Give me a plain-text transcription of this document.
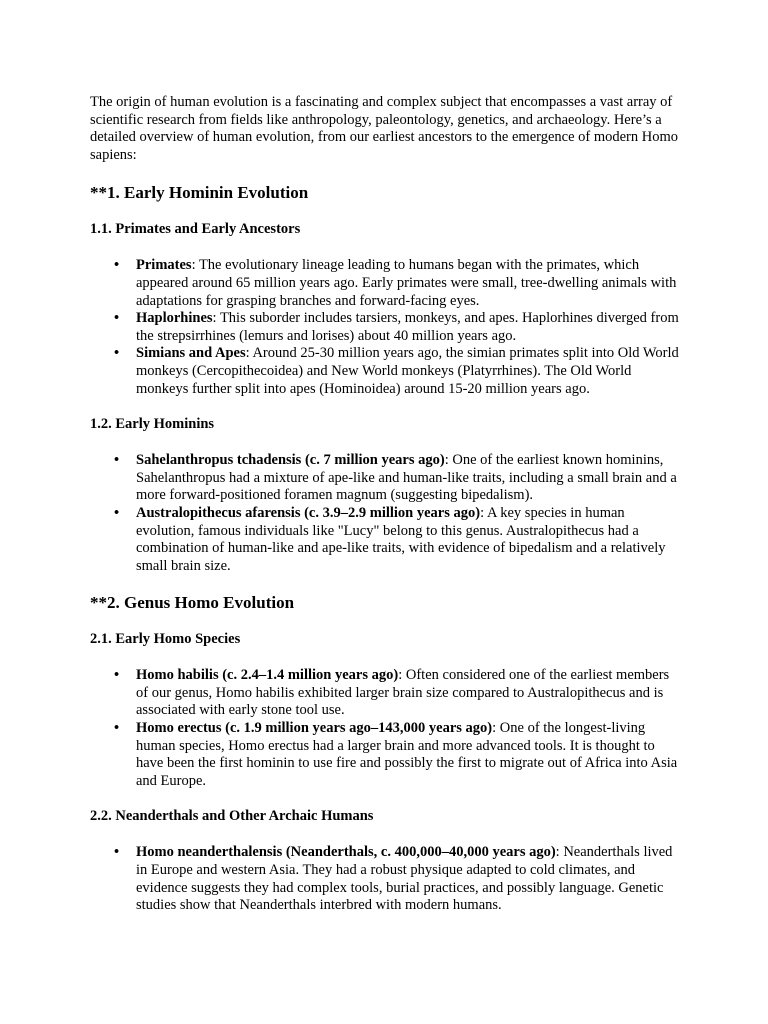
The origin of human evolution is a fascinating and complex subject that encompasses a vast array of scientific research from fields like anthropology, paleontology, genetics, and archaeology. Here’s a detailed overview of human evolution, from our earliest ancestors to the emergence of modern Homo sapiens:

**1. Early Hominin Evolution
1.1. Primates and Early Ancestors
• Primates: The evolutionary lineage leading to humans began with the primates, which appeared around 65 million years ago. Early primates were small, tree-dwelling animals with adaptations for grasping branches and forward-facing eyes.
• Haplorhines: This suborder includes tarsiers, monkeys, and apes. Haplorhines diverged from the strepsirrhines (lemurs and lorises) about 40 million years ago.
• Simians and Apes: Around 25-30 million years ago, the simian primates split into Old World monkeys (Cercopithecoidea) and New World monkeys (Platyrrhines). The Old World monkeys further split into apes (Hominoidea) around 15-20 million years ago.
1.2. Early Hominins
• Sahelanthropus tchadensis (c. 7 million years ago): One of the earliest known hominins, Sahelanthropus had a mixture of ape-like and human-like traits, including a small brain and a more forward-positioned foramen magnum (suggesting bipedalism).
• Australopithecus afarensis (c. 3.9–2.9 million years ago): A key species in human evolution, famous individuals like "Lucy" belong to this genus. Australopithecus had a combination of human-like and ape-like traits, with evidence of bipedalism and a relatively small brain size.
**2. Genus Homo Evolution
2.1. Early Homo Species
• Homo habilis (c. 2.4–1.4 million years ago): Often considered one of the earliest members of our genus, Homo habilis exhibited larger brain size compared to Australopithecus and is associated with early stone tool use.
• Homo erectus (c. 1.9 million years ago–143,000 years ago): One of the longest-living human species, Homo erectus had a larger brain and more advanced tools. It is thought to have been the first hominin to use fire and possibly the first to migrate out of Africa into Asia and Europe.
2.2. Neanderthals and Other Archaic Humans
• Homo neanderthalensis (Neanderthals, c. 400,000–40,000 years ago): Neanderthals lived in Europe and western Asia. They had a robust physique adapted to cold climates, and evidence suggests they had complex tools, burial practices, and possibly language. Genetic studies show that Neanderthals interbred with modern humans.
